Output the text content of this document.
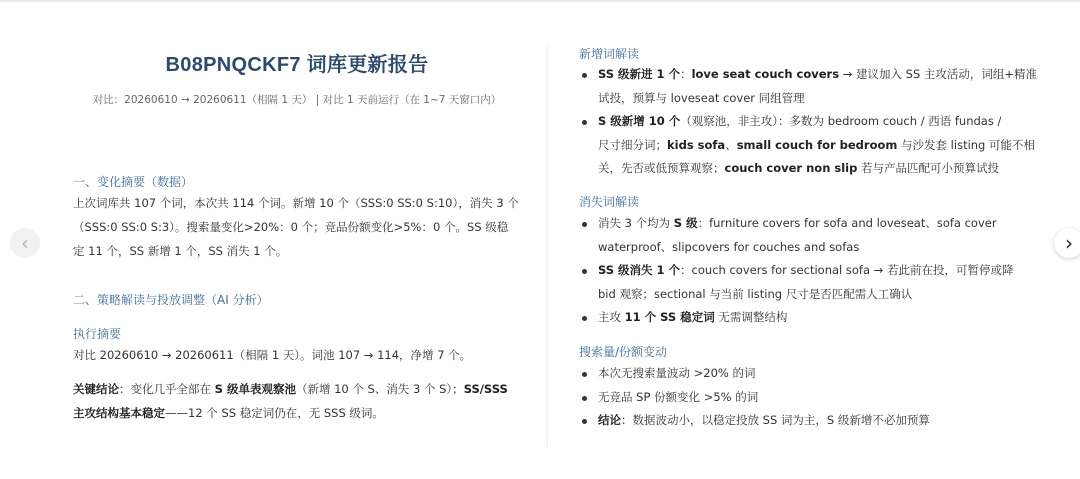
B08PNQCKF7 词库更新报告
对比：20260610 → 20260611（相隔 1 天） | 对比 1 天前运行（在 1~7 天窗口内）
一、变化摘要（数据）
上次词库共 107 个词，本次共 114 个词。新增 10 个（SSS:0 SS:0 S:10），消失 3 个
（SSS:0 SS:0 S:3）。搜索量变化>20%：0 个；竞品份额变化>5%：0 个。SS 级稳
定 11 个，SS 新增 1 个，SS 消失 1 个。
二、策略解读与投放调整（AI 分析）
执行摘要
对比 20260610 → 20260611（相隔 1 天）。词池 107 → 114，净增 7 个。
关键结论：变化几乎全部在 S 级单表观察池（新增 10 个 S、消失 3 个 S）；SS/SSS
主攻结构基本稳定——12 个 SS 稳定词仍在，无 SSS 级词。
新增词解读
SS 级新进 1 个：love seat couch covers → 建议加入 SS 主攻活动，词组+精准
试投，预算与 loveseat cover 同组管理
S 级新增 10 个（观察池，非主攻）：多数为 bedroom couch / 西语 fundas /
尺寸细分词；kids sofa、small couch for bedroom 与沙发套 listing 可能不相
关，先否或低预算观察；couch cover non slip 若与产品匹配可小预算试投
消失词解读
消失 3 个均为 S 级：furniture covers for sofa and loveseat、sofa cover
waterproof、slipcovers for couches and sofas
SS 级消失 1 个：couch covers for sectional sofa → 若此前在投，可暂停或降
bid 观察；sectional 与当前 listing 尺寸是否匹配需人工确认
主攻 11 个 SS 稳定词 无需调整结构
搜索量/份额变动
本次无搜索量波动 >20% 的词
无竞品 SP 份额变化 >5% 的词
结论：数据波动小，以稳定投放 SS 词为主，S 级新增不必加预算
‹	›
